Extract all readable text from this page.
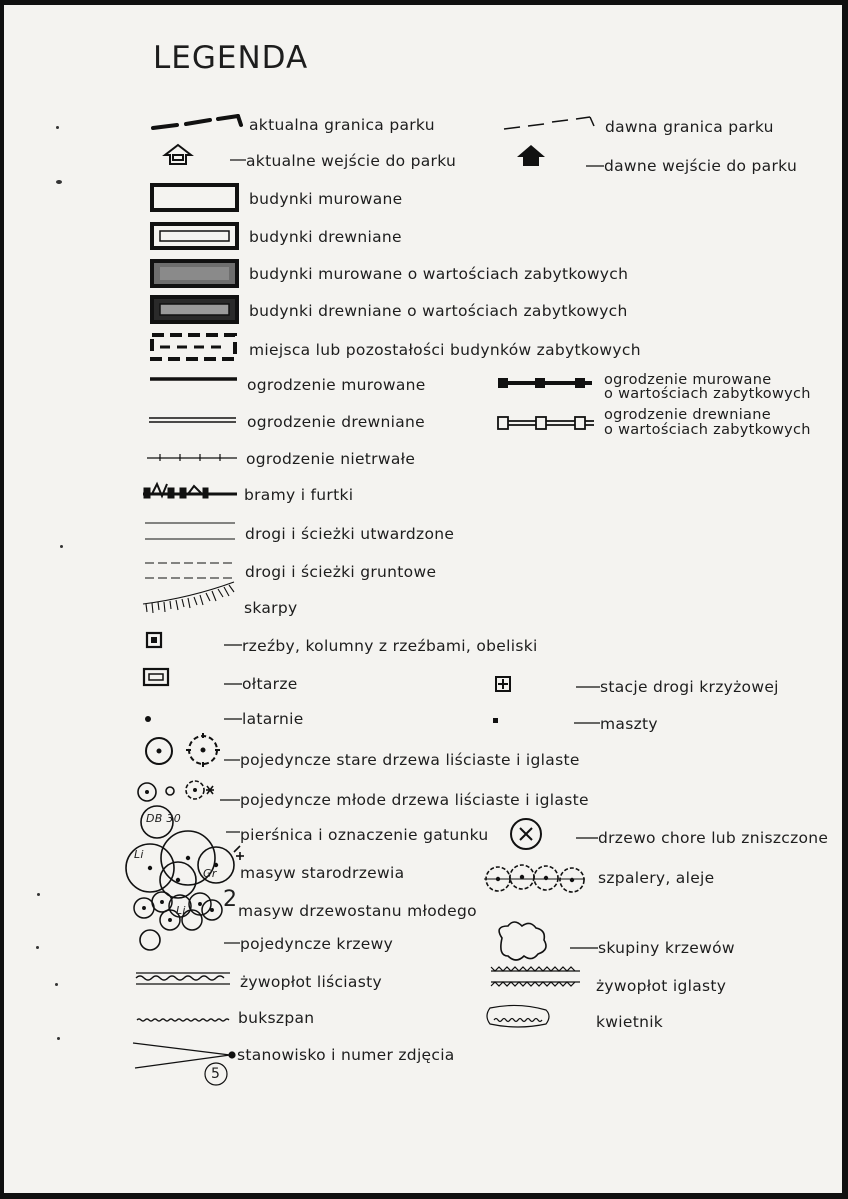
LEGENDA
DB 30
Li
Gr
Li 2
5
aktualna granica parku	dawna granica parku
aktualne wejście do parku	dawne wejście do parku
budynki murowane
budynki drewniane
budynki murowane o wartościach zabytkowych
budynki drewniane o wartościach zabytkowych
miejsca lub pozostałości budynków zabytkowych
ogrodzenie murowane	ogrodzenie murowane
o wartościach zabytkowych
ogrodzenie drewniane	ogrodzenie drewniane
o wartościach zabytkowych
ogrodzenie nietrwałe
bramy i furtki
drogi i ścieżki utwardzone
drogi i ścieżki gruntowe
skarpy
rzeźby, kolumny z rzeźbami, obeliski
ołtarze	stacje drogi krzyżowej
latarnie	maszty
pojedyncze stare drzewa liściaste i iglaste
pojedyncze młode drzewa liściaste i iglaste
pierśnica i oznaczenie gatunku	drzewo chore lub zniszczone
masyw starodrzewia	szpalery, aleje
masyw drzewostanu młodego
pojedyncze krzewy	skupiny krzewów
żywopłot liściasty	żywopłot iglasty
bukszpan	kwietnik
stanowisko i numer zdjęcia
